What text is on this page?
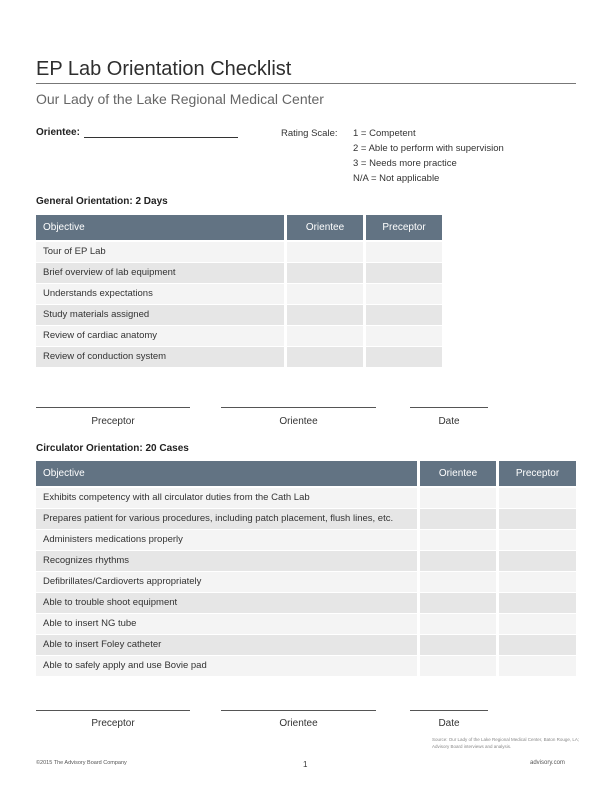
EP Lab Orientation Checklist
Our Lady of the Lake Regional Medical Center
Orientee:	Rating Scale: 1 = Competent
2 = Able to perform with supervision
3 = Needs more practice
N/A = Not applicable
General Orientation: 2 Days
Objective	Orientee	Preceptor
Tour of EP Lab
Brief overview of lab equipment
Understands expectations
Study materials assigned
Review of cardiac anatomy
Review of conduction system
Preceptor	Orientee	Date
Circulator Orientation: 20 Cases
Objective	Orientee	Preceptor
Exhibits competency with all circulator duties from the Cath Lab
Prepares patient for various procedures, including patch placement, flush lines, etc.
Administers medications properly
Recognizes rhythms
Defibrillates/Cardioverts appropriately
Able to trouble shoot equipment
Able to insert NG tube
Able to insert Foley catheter
Able to safely apply and use Bovie pad
Preceptor	Orientee	Date
Source: Our Lady of the Lake Regional Medical Center, Baton Rouge, LA; Advisory Board interviews and analysis.
©2015 The Advisory Board Company	1	advisory.com
